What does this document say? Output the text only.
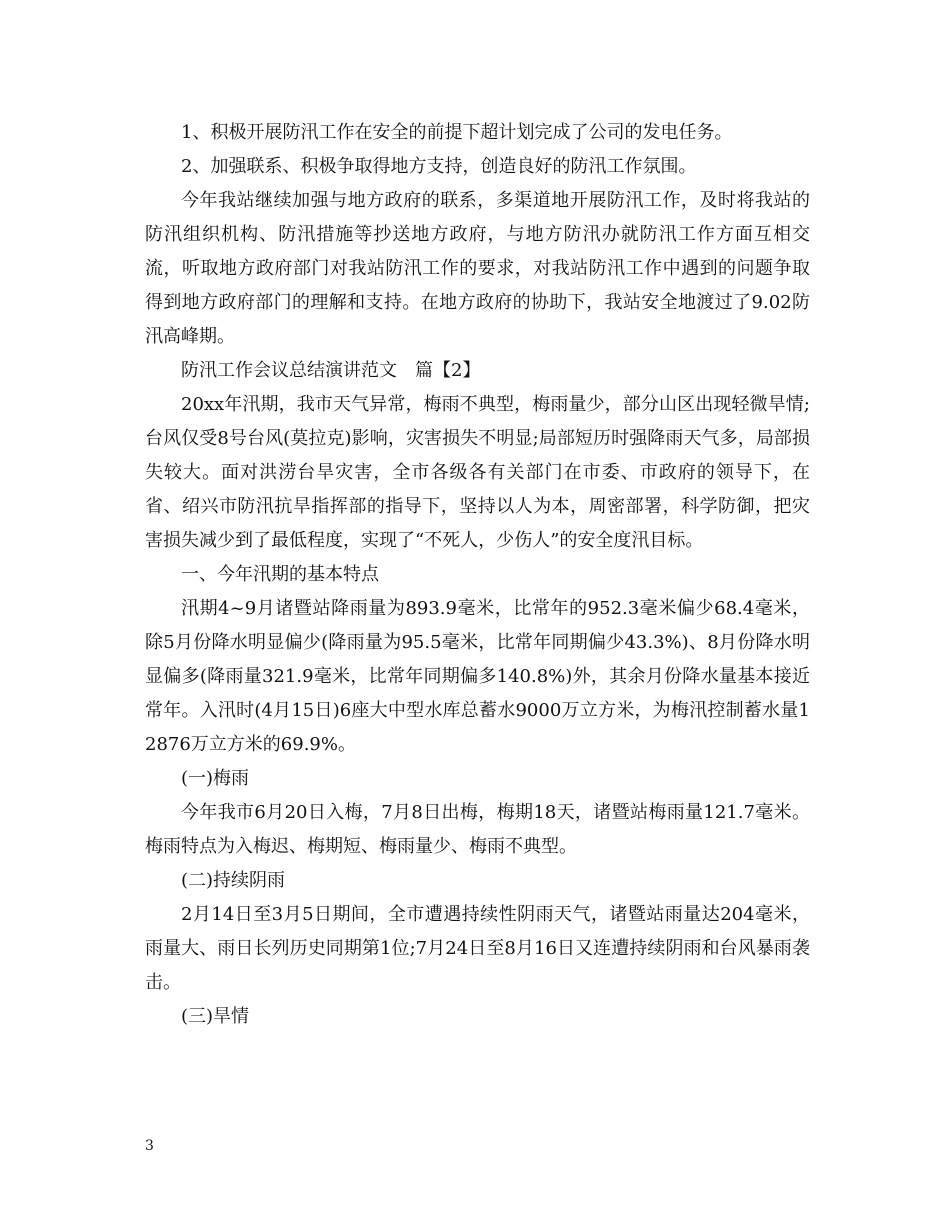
1、积极开展防汛工作在安全的前提下超计划完成了公司的发电任务。

2、加强联系、积极争取得地方支持，创造良好的防汛工作氛围。

今年我站继续加强与地方政府的联系，多渠道地开展防汛工作，及时将我站的防汛组织机构、防汛措施等抄送地方政府，与地方防汛办就防汛工作方面互相交流，听取地方政府部门对我站防汛工作的要求，对我站防汛工作中遇到的问题争取得到地方政府部门的理解和支持。在地方政府的协助下，我站安全地渡过了9.02防汛高峰期。

防汛工作会议总结演讲范文　篇【2】

20xx年汛期，我市天气异常，梅雨不典型，梅雨量少，部分山区出现轻微旱情;台风仅受8号台风(莫拉克)影响，灾害损失不明显;局部短历时强降雨天气多，局部损失较大。面对洪涝台旱灾害，全市各级各有关部门在市委、市政府的领导下，在省、绍兴市防汛抗旱指挥部的指导下，坚持以人为本，周密部署，科学防御，把灾害损失减少到了最低程度，实现了“不死人，少伤人”的安全度汛目标。

一、今年汛期的基本特点

汛期4~9月诸暨站降雨量为893.9毫米，比常年的952.3毫米偏少68.4毫米，除5月份降水明显偏少(降雨量为95.5毫米，比常年同期偏少43.3%)、8月份降水明显偏多(降雨量321.9毫米，比常年同期偏多140.8%)外，其余月份降水量基本接近常年。入汛时(4月15日)6座大中型水库总蓄水9000万立方米，为梅汛控制蓄水量12876万立方米的69.9%。

(一)梅雨

今年我市6月20日入梅，7月8日出梅，梅期18天，诸暨站梅雨量121.7毫米。梅雨特点为入梅迟、梅期短、梅雨量少、梅雨不典型。

(二)持续阴雨

2月14日至3月5日期间，全市遭遇持续性阴雨天气，诸暨站雨量达204毫米，雨量大、雨日长列历史同期第1位;7月24日至8月16日又连遭持续阴雨和台风暴雨袭击。

(三)旱情

3
